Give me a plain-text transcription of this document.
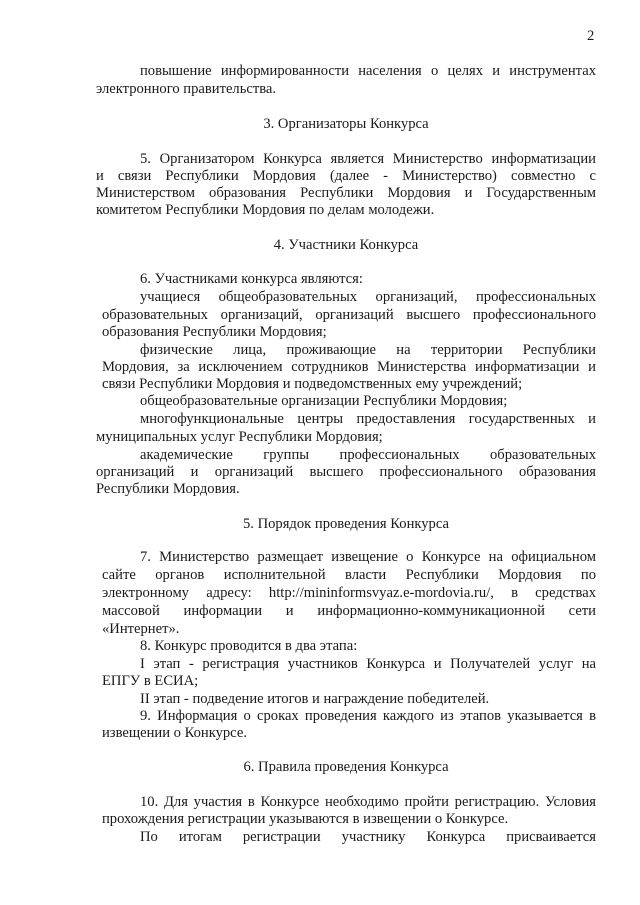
2
повышение информированности населения о целях и инструментах
электронного правительства.
3. Организаторы Конкурса
5. Организатором Конкурса является Министерство информатизации
и связи Республики Мордовия (далее - Министерство) совместно с
Министерством образования Республики Мордовия и Государственным
комитетом Республики Мордовия по делам молодежи.
4. Участники Конкурса
6. Участниками конкурса являются:
учащиеся общеобразовательных организаций, профессиональных
образовательных организаций, организаций высшего профессионального
образования Республики Мордовия;
физические лица, проживающие на территории Республики
Мордовия, за исключением сотрудников Министерства информатизации и
связи Республики Мордовия и подведомственных ему учреждений;
общеобразовательные организации Республики Мордовия;
многофункциональные центры предоставления государственных и
муниципальных услуг Республики Мордовия;
академические группы профессиональных образовательных
организаций и организаций высшего профессионального образования
Республики Мордовия.
5. Порядок проведения Конкурса
7. Министерство размещает извещение о Конкурсе на официальном
сайте органов исполнительной власти Республики Мордовия по
электронному адресу: http://mininformsvyaz.e-mordovia.ru/, в средствах
массовой информации и информационно-коммуникационной сети
«Интернет».
8. Конкурс проводится в два этапа:
I этап - регистрация участников Конкурса и Получателей услуг на
ЕПГУ в ЕСИА;
II этап - подведение итогов и награждение победителей.
9. Информация о сроках проведения каждого из этапов указывается в
извещении о Конкурсе.
6. Правила проведения Конкурса
10. Для участия в Конкурсе необходимо пройти регистрацию. Условия
прохождения регистрации указываются в извещении о Конкурсе.
По итогам регистрации участнику Конкурса присваивается
